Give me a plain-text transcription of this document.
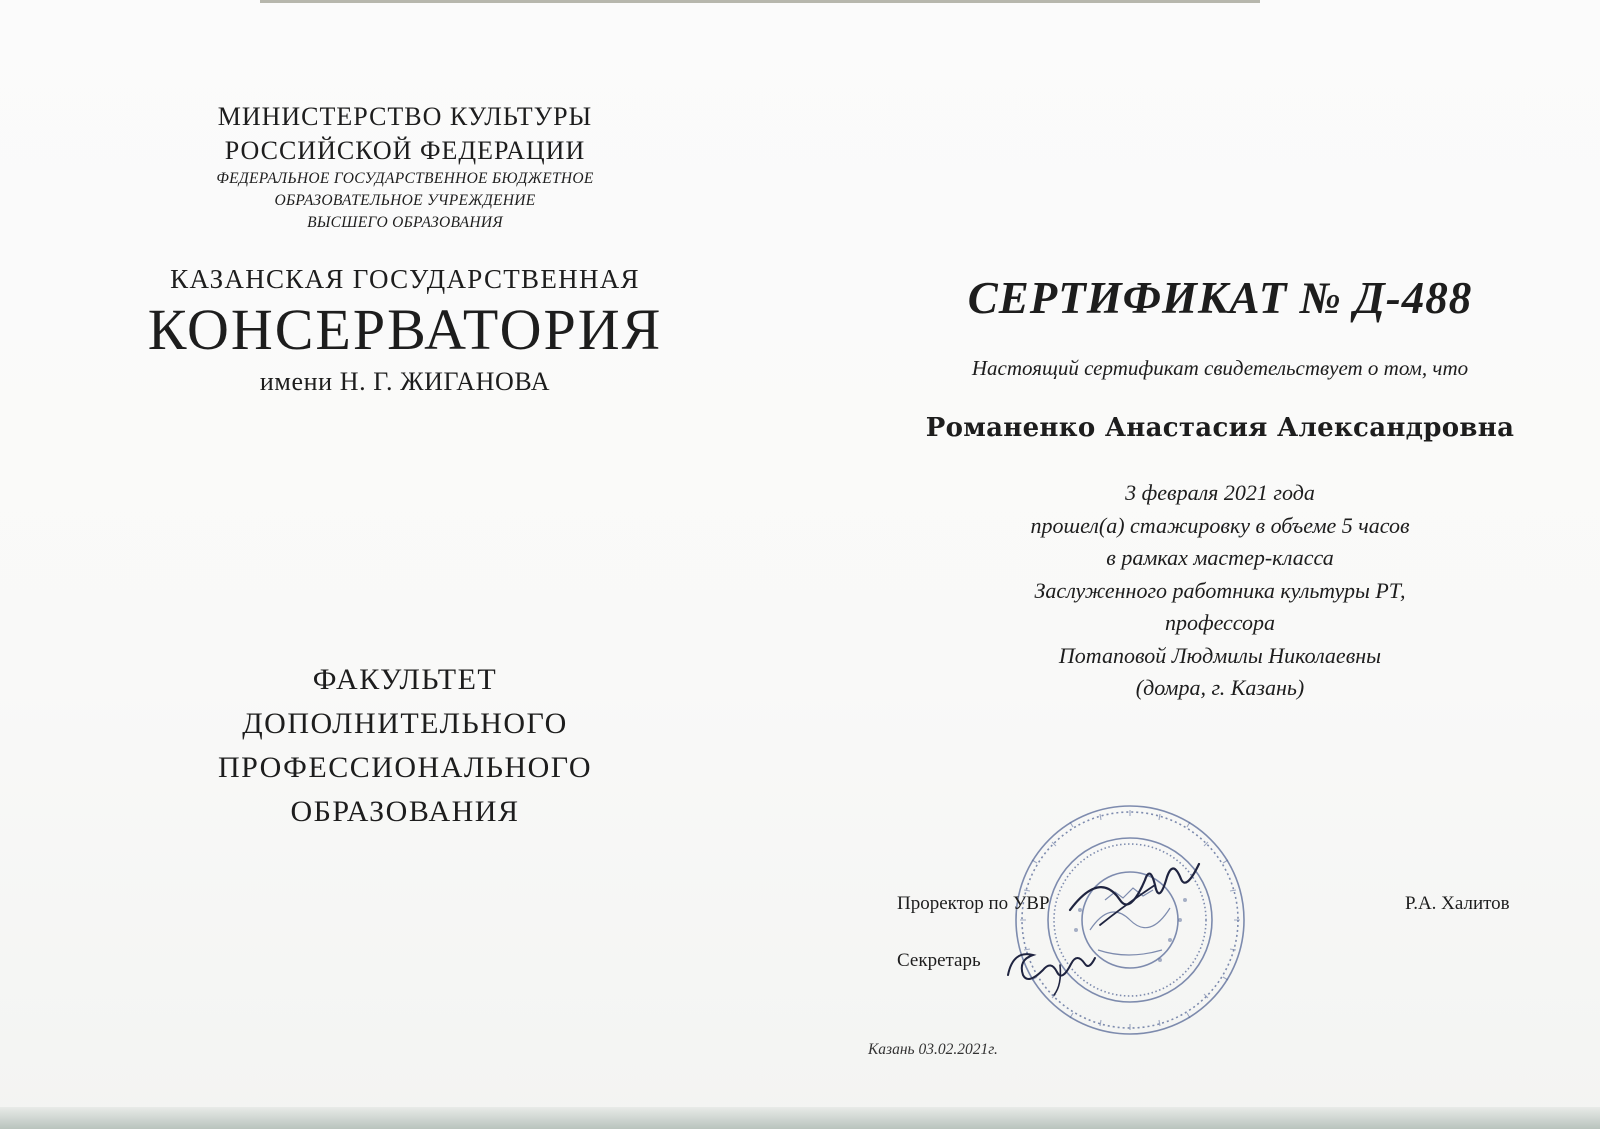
МИНИСТЕРСТВО КУЛЬТУРЫ
РОССИЙСКОЙ ФЕДЕРАЦИИ
ФЕДЕРАЛЬНОЕ ГОСУДАРСТВЕННОЕ БЮДЖЕТНОЕ
ОБРАЗОВАТЕЛЬНОЕ УЧРЕЖДЕНИЕ
ВЫСШЕГО ОБРАЗОВАНИЯ
КАЗАНСКАЯ ГОСУДАРСТВЕННАЯ
КОНСЕРВАТОРИЯ
имени Н. Г. ЖИГАНОВА
ФАКУЛЬТЕТ
ДОПОЛНИТЕЛЬНОГО
ПРОФЕССИОНАЛЬНОГО
ОБРАЗОВАНИЯ
СЕРТИФИКАТ № Д-488
Настоящий сертификат свидетельствует о том, что
Романенко Анастасия Александровна
3 февраля 2021 года
прошел(а) стажировку в объеме 5 часов
в рамках мастер-класса
Заслуженного работника культуры РТ,
профессора
Потаповой Людмилы Николаевны
(домра, г. Казань)
Проректор по УВР	Р.А. Халитов
Секретарь
Казань 03.02.2021г.
